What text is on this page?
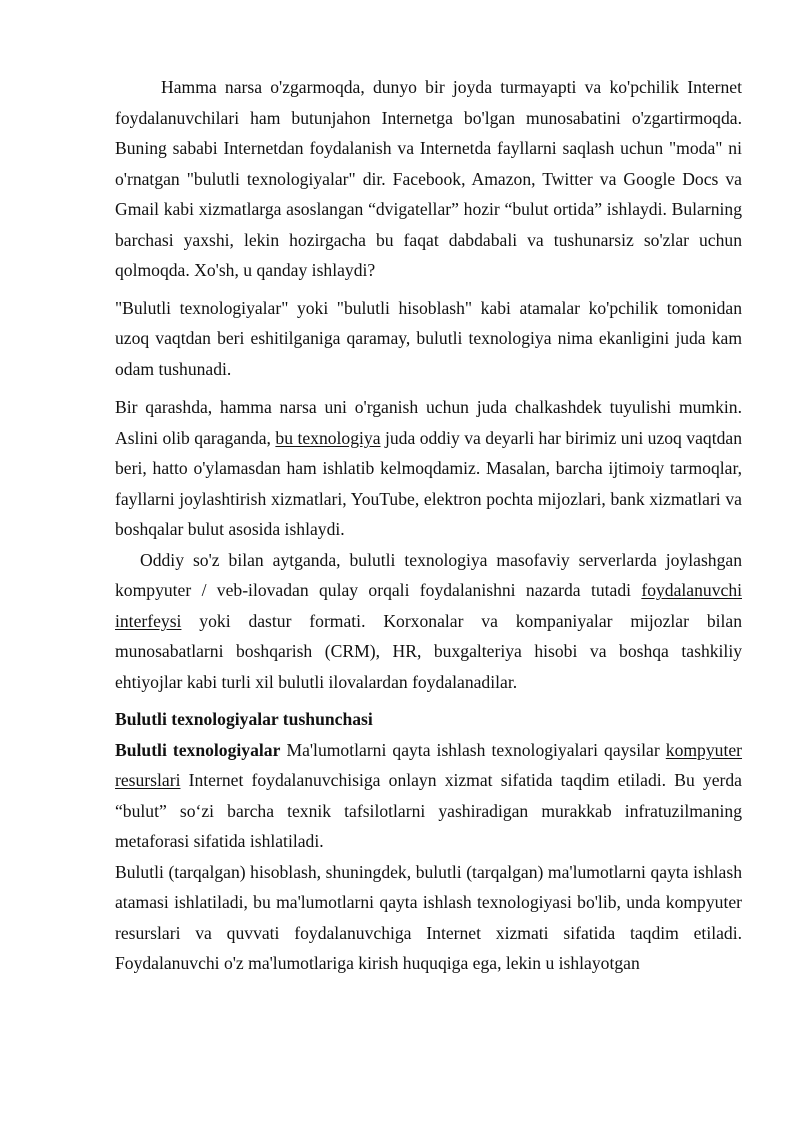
Hamma narsa o'zgarmoqda, dunyo bir joyda turmayapti va ko'pchilik Internet foydalanuvchilari ham butunjahon Internetga bo'lgan munosabatini o'zgartirmoqda. Buning sababi Internetdan foydalanish va Internetda fayllarni saqlash uchun "moda" ni o'rnatgan "bulutli texnologiyalar" dir. Facebook, Amazon, Twitter va Google Docs va Gmail kabi xizmatlarga asoslangan “dvigatellar” hozir “bulut ortida” ishlaydi. Bularning barchasi yaxshi, lekin hozirgacha bu faqat dabdabali va tushunarsiz so'zlar uchun qolmoqda. Xo'sh, u qanday ishlaydi?

"Bulutli texnologiyalar" yoki "bulutli hisoblash" kabi atamalar ko'pchilik tomonidan uzoq vaqtdan beri eshitilganiga qaramay, bulutli texnologiya nima ekanligini juda kam odam tushunadi.

Bir qarashda, hamma narsa uni o'rganish uchun juda chalkashdek tuyulishi mumkin. Aslini olib qaraganda, bu texnologiya juda oddiy va deyarli har birimiz uni uzoq vaqtdan beri, hatto o'ylamasdan ham ishlatib kelmoqdamiz. Masalan, barcha ijtimoiy tarmoqlar, fayllarni joylashtirish xizmatlari, YouTube, elektron pochta mijozlari, bank xizmatlari va boshqalar bulut asosida ishlaydi.

Oddiy so'z bilan aytganda, bulutli texnologiya masofaviy serverlarda joylashgan kompyuter / veb-ilovadan qulay orqali foydalanishni nazarda tutadi foydalanuvchi interfeysi yoki dastur formati. Korxonalar va kompaniyalar mijozlar bilan munosabatlarni boshqarish (CRM), HR, buxgalteriya hisobi va boshqa tashkiliy ehtiyojlar kabi turli xil bulutli ilovalardan foydalanadilar.

Bulutli texnologiyalar tushunchasi

Bulutli texnologiyalar Ma'lumotlarni qayta ishlash texnologiyalari qaysilar kompyuter resurslari Internet foydalanuvchisiga onlayn xizmat sifatida taqdim etiladi. Bu yerda “bulut” so‘zi barcha texnik tafsilotlarni yashiradigan murakkab infratuzilmaning metaforasi sifatida ishlatiladi.

Bulutli (tarqalgan) hisoblash, shuningdek, bulutli (tarqalgan) ma'lumotlarni qayta ishlash atamasi ishlatiladi, bu ma'lumotlarni qayta ishlash texnologiyasi bo'lib, unda kompyuter resurslari va quvvati foydalanuvchiga Internet xizmati sifatida taqdim etiladi. Foydalanuvchi o'z ma'lumotlariga kirish huquqiga ega, lekin u ishlayotgan
